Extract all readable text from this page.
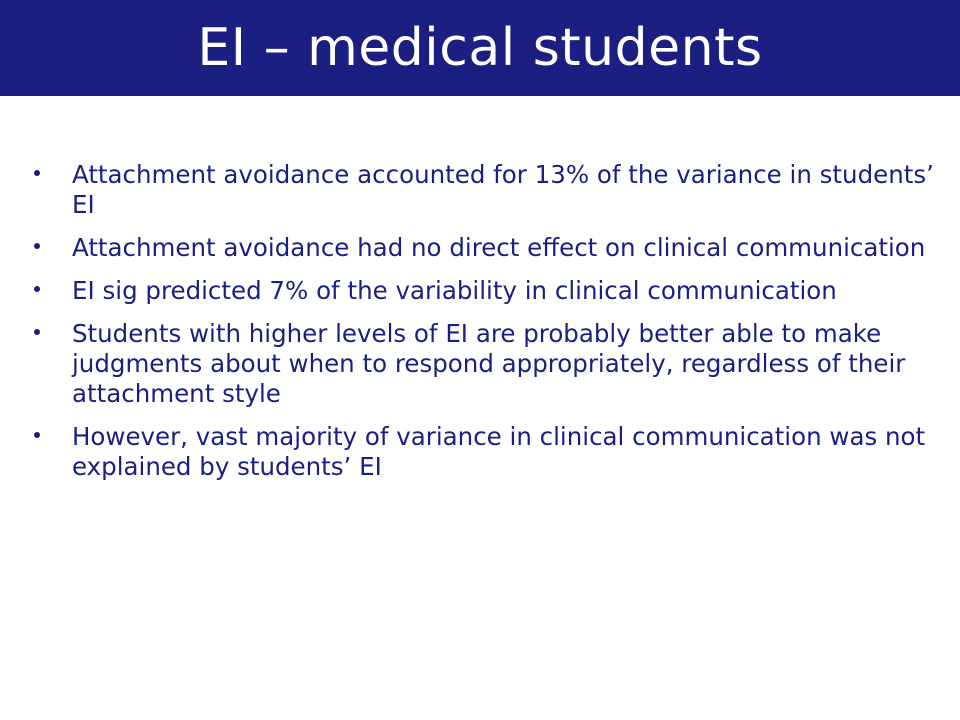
EI – medical students
Attachment avoidance accounted for 13% of the variance in students’ EI
Attachment avoidance had no direct effect on clinical communication
EI sig predicted 7% of the variability in clinical communication
Students with higher levels of EI are probably better able to make judgments about when to respond appropriately, regardless of their attachment style
However, vast majority of variance in clinical communication was not explained by students’ EI
